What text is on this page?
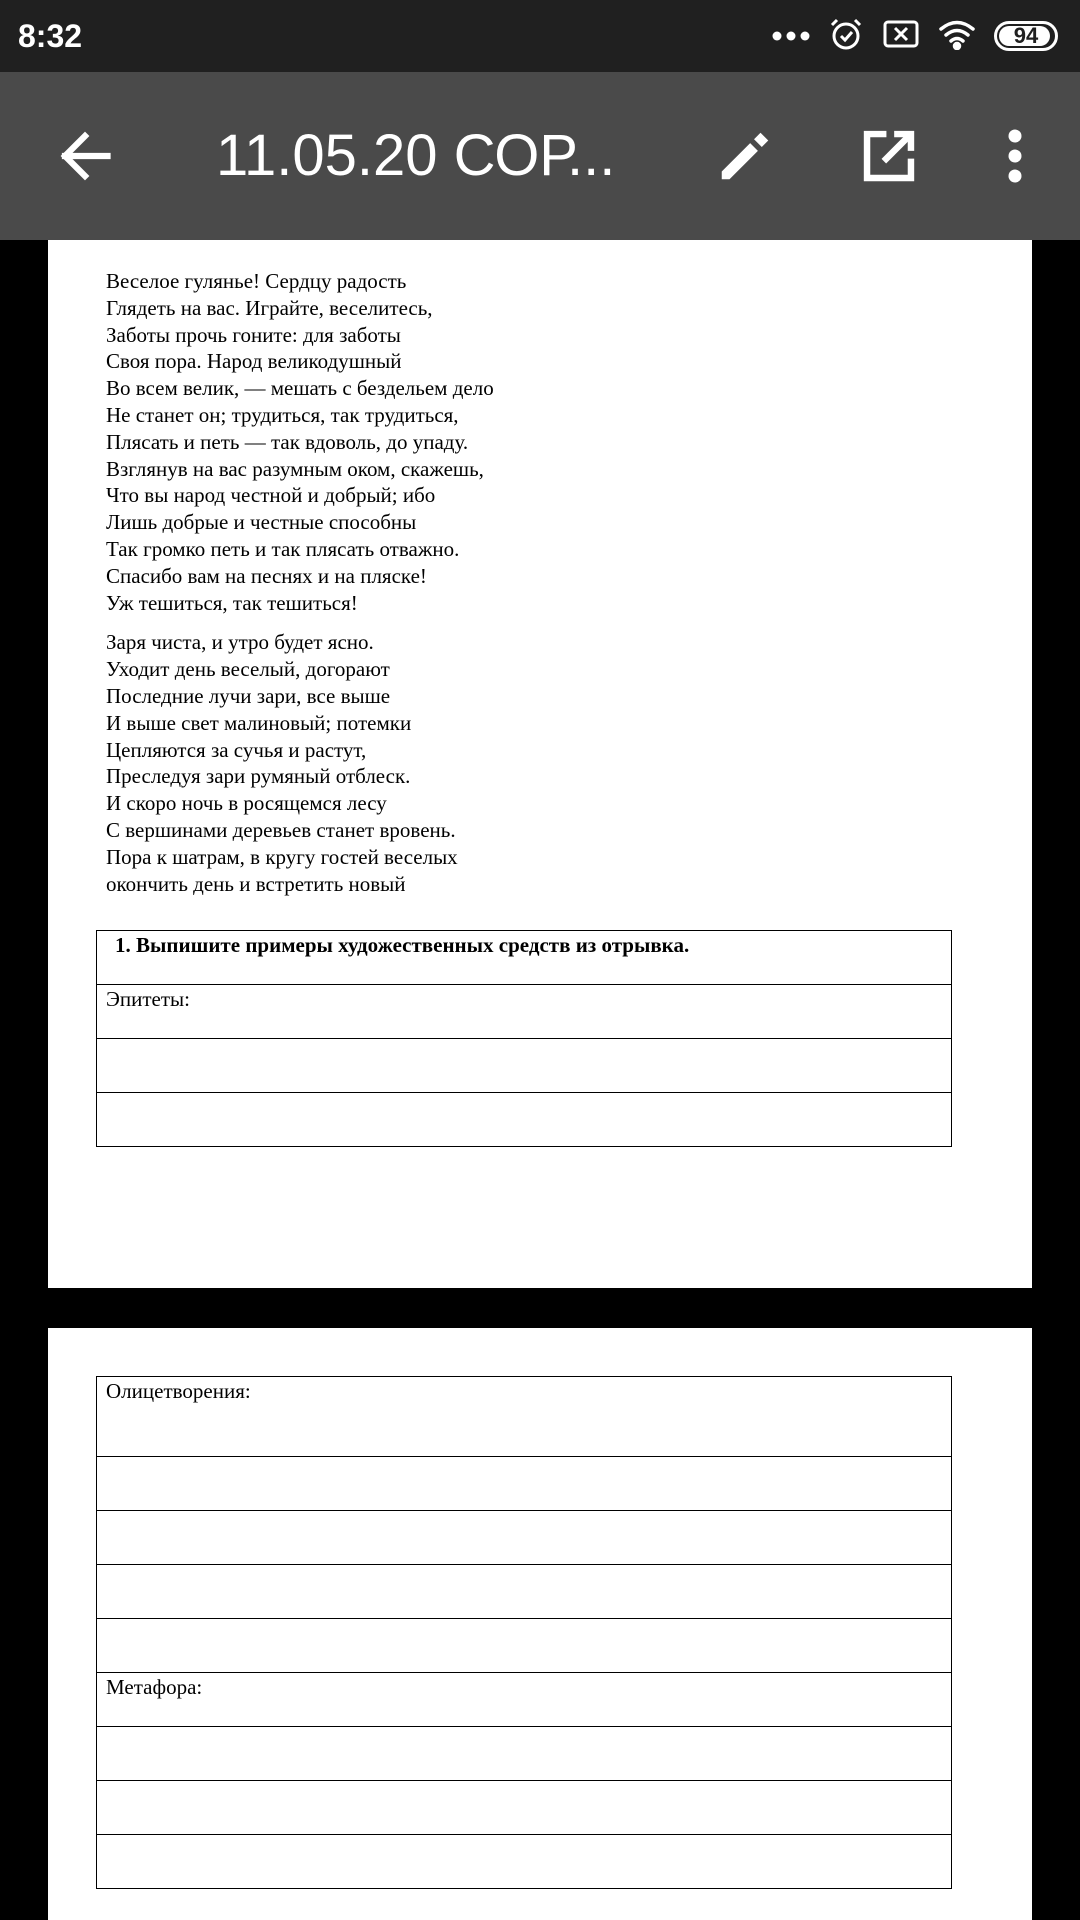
8:32	94
11.05.20 СОР...
Веселое гулянье! Сердцу радость
Глядеть на вас. Играйте, веселитесь,
Заботы прочь гоните: для заботы
Своя пора. Народ великодушный
Во всем велик, — мешать с бездельем дело
Не станет он; трудиться, так трудиться,
Плясать и петь — так вдоволь, до упаду.
Взглянув на вас разумным оком, скажешь,
Что вы народ честной и добрый; ибо
Лишь добрые и честные способны
Так громко петь и так плясать отважно.
Спасибо вам на песнях и на пляске!
Уж тешиться, так тешиться!
Заря чиста, и утро будет ясно.
Уходит день веселый, догорают
Последние лучи зари, все выше
И выше свет малиновый; потемки
Цепляются за сучья и растут,
Преследуя зари румяный отблеск.
И скоро ночь в росящемся лесу
С вершинами деревьев станет вровень.
Пора к шатрам, в кругу гостей веселых
окончить день и встретить новый
1. Выпишите примеры художественных средств из отрывка.
Эпитеты:

Олицетворения:

Метафора:
